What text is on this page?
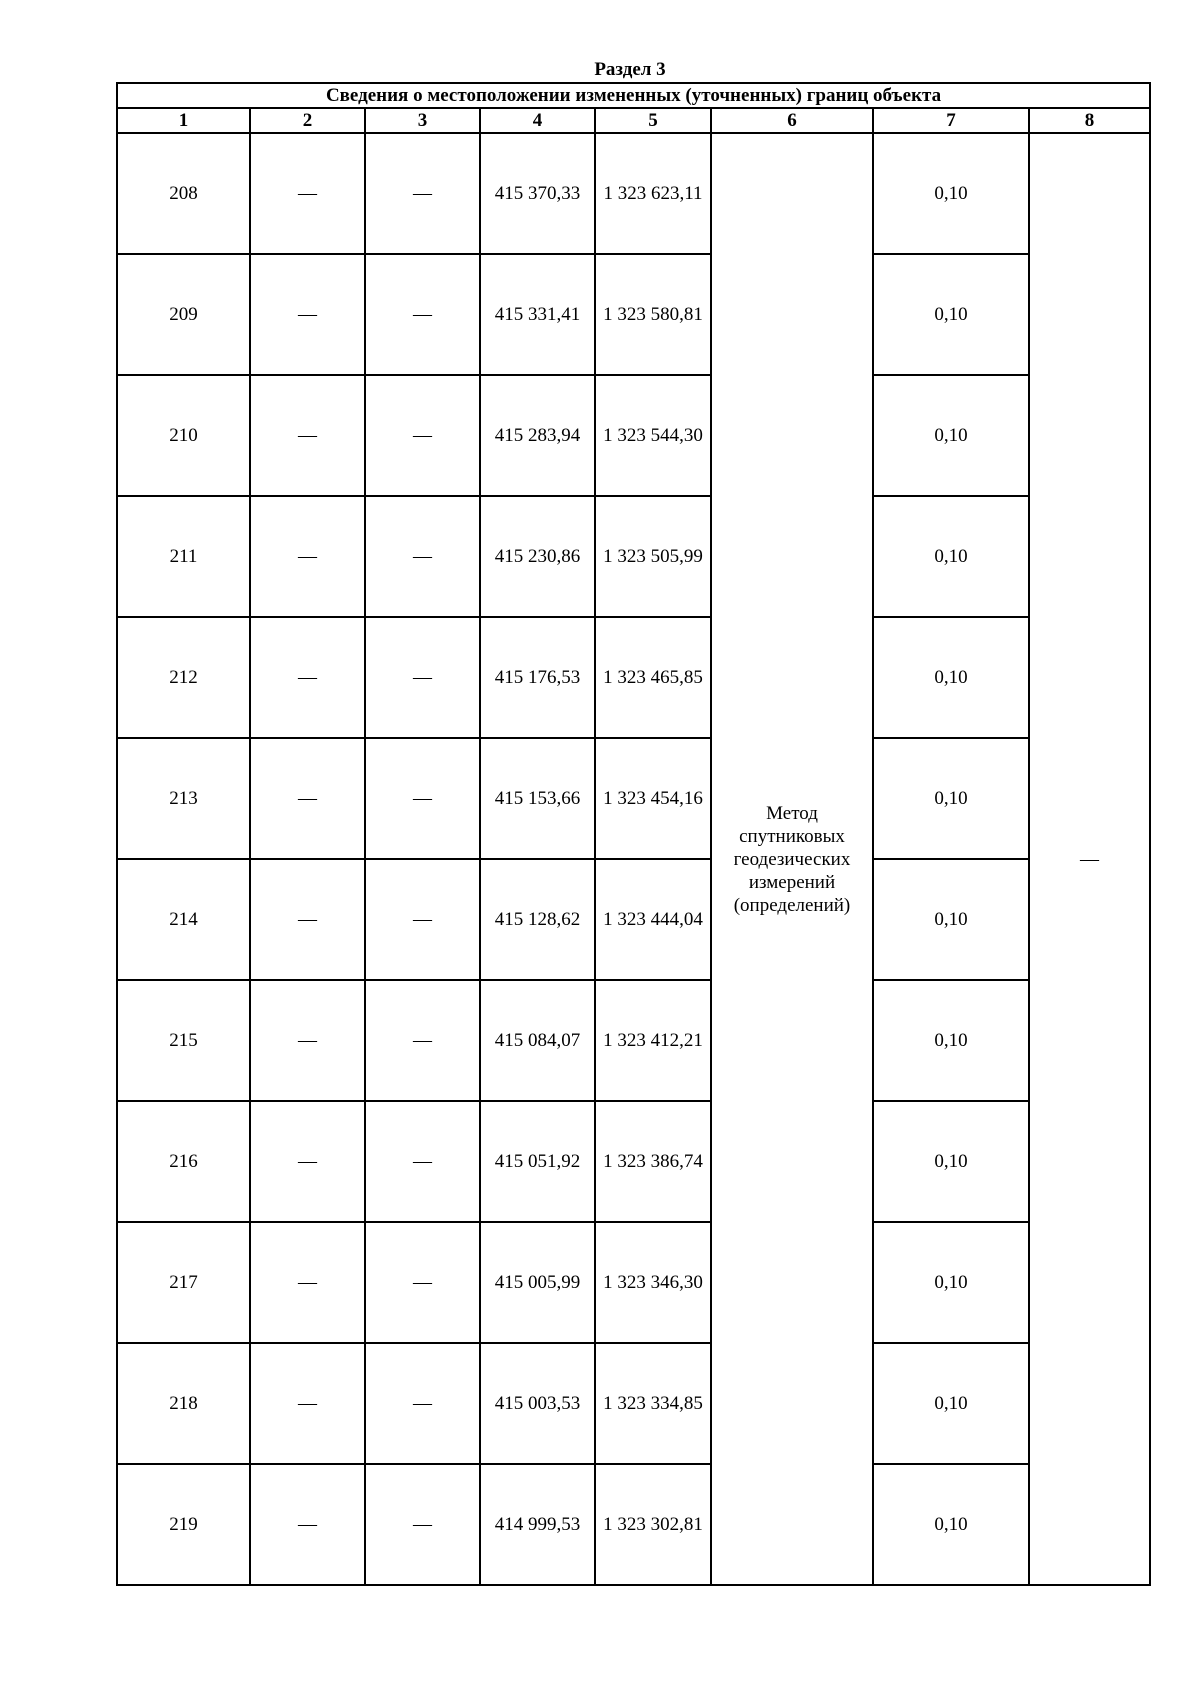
Раздел 3
Сведения о местоположении измененных (уточненных) границ объекта							
1	2	3	4	5	6	7	8
208	—	—	415 370,33	1 323 623,11	Метод
спутниковых
геодезических
измерений
(определений)	0,10	—
209	—	—	415 331,41	1 323 580,81		0,10	
210	—	—	415 283,94	1 323 544,30		0,10	
211	—	—	415 230,86	1 323 505,99		0,10	
212	—	—	415 176,53	1 323 465,85		0,10	
213	—	—	415 153,66	1 323 454,16		0,10	
214	—	—	415 128,62	1 323 444,04		0,10	
215	—	—	415 084,07	1 323 412,21		0,10	
216	—	—	415 051,92	1 323 386,74		0,10	
217	—	—	415 005,99	1 323 346,30		0,10	
218	—	—	415 003,53	1 323 334,85		0,10	
219	—	—	414 999,53	1 323 302,81		0,10	
